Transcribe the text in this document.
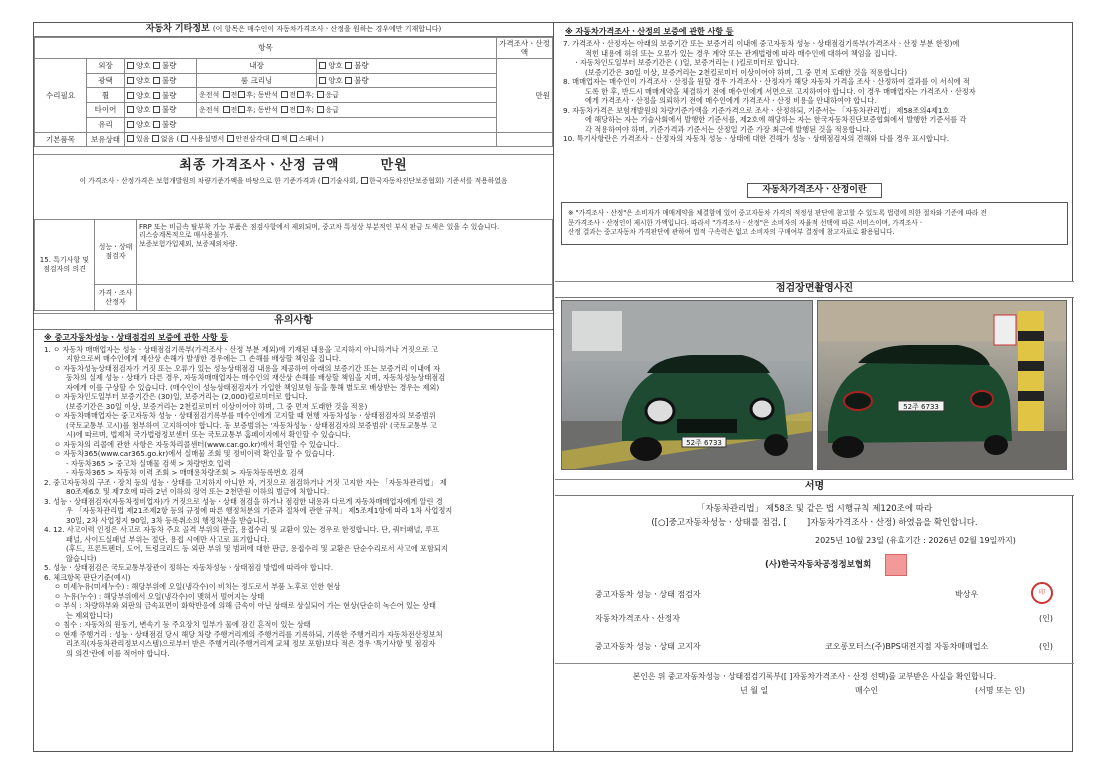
자동차 기타정보 (이 항목은 매수인이 자동차가격조사ㆍ산정을 원하는 경우에만 기재합니다)
항목					가격조사ㆍ산정액
수리필요	외장	양호 불량	내장	양호 불량	만원
	광택	양호 불량	룸 크리닝	양호 불량	
	휠	양호 불량	운전석 전 후; 동반석 전 후; 응급		
	타이어	양호 불량	운전석 전 후; 동반석 전 후; 응급		
	유리	양호 불량			
기본품목	보유상태	있음 없음 ( 사용설명서 안전삼각대 잭 스패너 )			
최종 가격조사ㆍ산정 금액	만원
이 가격조사ㆍ산정가격은 보험개발원의 차량기준가액을 바탕으로 한 기준가격과 ( 기술사회, 한국자동차진단보증협회) 기준서를 적용하였음
15. 특기사항 및 점검자의 의견	성능ㆍ상태 점검자	FRP 또는 비금속 탈부착 가능 부품은 점검사항에서 제외되며, 중고차 특성상 부분적인 부식 판금 도색은 있을 수 있습니다.
리스승계목적으로 매사용불가.
보증보험가입제외, 보증제외차량.

	가격ㆍ조사 산정자	
유의사항
※ 중고자동차성능ㆍ상태점검의 보증에 관한 사항 등

1. ㅇ 자동차 매매업자는 성능ㆍ상태점검기록부(가격조사ㆍ산정 부분 제외)에 기재된 내용을 고지하지 아니하거나 거짓으로 고

지함으로써 매수인에게 재산상 손해가 발생한 경우에는 그 손해를 배상할 책임을 집니다.

ㅇ 자동차성능상태점검자가 거짓 또는 오류가 있는 성능상태점검 내용을 제공하여 아래의 보증기간 또는 보증거리 이내에 자

동차의 실제 성능ㆍ상태가 다른 경우, 자동차매매업자는 매수인의 재산상 손해를 배상할 책임을 지며, 자동차성능상태점검

자에게 이를 구상할 수 있습니다. (매수인이 성능상태점검자가 가입한 책임보험 등을 통해 별도로 배상받는 경우는 제외)

ㅇ 자동차인도일부터 보증기간은 (30)일, 보증거리는 (2,000)킬로미터로 합니다.

(보증기간은 30일 이상, 보증거리는 2천킬로미터 이상이어야 하며, 그 중 먼저 도래한 것을 적용)

ㅇ 자동차매매업자는 중고자동차 성능ㆍ상태점검기록부를 매수인에게 고지할 때 현행 자동차성능ㆍ상태점검자의 보증범위

(국토교통부 고시)를 첨부하여 고지하여야 합니다. 동 보증범위는 '자동차성능ㆍ상태점검자의 보증범위' (국토교통부 고

시)에 따르며, 법제처 국가법령정보센터 또는 국토교통부 홈페이지에서 확인할 수 있습니다.

ㅇ 자동차의 리콜에 관한 사항은 자동차리콜센터(www.car.go.kr)에서 확인할 수 있습니다.

ㅇ 자동차365(www.car365.go.kr)에서 실매물 조회 및 정비이력 확인을 할 수 있습니다.

- 자동차365 > 중고차 실매물 검색 > 차량번호 입력

- 자동차365 > 자동차 이력 조회 > 매매용차량조회 > 자동차등록번호 검색

2. 중고자동차의 구조ㆍ장치 등의 성능ㆍ상태를 고지하지 아니한 자, 거짓으로 점검하거나 거짓 고지한 자는 「자동차관리법」 제

80조제6호 및 제7호에 따라 2년 이하의 징역 또는 2천만원 이하의 벌금에 처합니다.

3. 성능ㆍ상태점검자(자동차정비업자)가 거짓으로 성능ㆍ상태 점검을 하거나 점검한 내용과 다르게 자동차매매업자에게 알린 경

우 「자동차관리법 제21조제2항 등의 규정에 따른 행정처분의 기준과 절차에 관한 규칙」 제5조제1항에 따라 1차 사업정지

30일, 2차 사업정지 90일, 3차 등록취소의 행정처분을 받습니다.

4. 12. 사고이력 인정은 사고로 자동차 주요 골격 부위의 판금, 용접수리 및 교환이 있는 경우로 한정합니다. 단, 쿼터패널, 루프

패널, 사이드실패널 부위는 절단, 용접 시에만 사고로 표기합니다.

(후드, 프론트펜더, 도어, 트렁크리드 등 외판 부위 및 범퍼에 대한 판금, 용접수리 및 교환은 단순수리로서 사고에 포함되지

않습니다)

5. 성능ㆍ상태점검은 국토교통부장관이 정하는 자동차성능ㆍ상태점검 방법에 따라야 합니다.

6. 체크항목 판단기준(예시)

ㅇ 미세누유(미세누수) : 해당부위에 오일(냉각수)이 비치는 정도로서 부품 노후로 인한 현상

ㅇ 누유(누수) : 해당부위에서 오일(냉각수)이 맺혀서 떨어지는 상태

ㅇ 부식 : 차량하부와 외판의 금속표면이 화학반응에 의해 금속이 아닌 상태로 상실되어 가는 현상(단순히 녹슨어 있는 상태

는 제외합니다)

ㅇ 침수 : 자동차의 원동기, 변속기 등 주요장치 일부가 물에 잠긴 흔적이 있는 상태

ㅇ 현재 주행거리 : 성능ㆍ상태점검 당시 해당 차량 주행거리계의 주행거리를 기록하되, 기록한 주행거리가 자동차전산정보처

리조직(자동차관리정보시스템)으로부터 받은 주행거리(주행거리계 교체 정보 포함)보다 적은 경우 '특기사항 및 점검자

의 의견'란에 이를 적어야 합니다.

※ 자동차가격조사ㆍ산정의 보증에 관한 사항 등

7. 가격조사ㆍ산정자는 아래의 보증기간 또는 보증거리 이내에 중고자동차 성능ㆍ상태점검기록부(가격조사ㆍ산정 부분 한정)에

적힌 내용에 허위 또는 오류가 있는 경우 계약 또는 관계법령에 따라 매수인에 대하여 책임을 집니다.

ㆍ자동차인도일부터 보증기간은 ( )일, 보증거리는 ( )킬로미터로 합니다.

(보증기간은 30일 이상, 보증거리는 2천킬로미터 이상이어야 하며, 그 중 먼저 도래한 것을 적용합니다)

8. 매매업자는 매수인이 가격조사ㆍ산정을 원할 경우 가격조사ㆍ산정자가 해당 자동차 가격을 조사ㆍ산정하여 결과를 이 서식에 적

도록 한 후, 반드시 매매계약을 체결하기 전에 매수인에게 서면으로 고지하여야 합니다. 이 경우 매매업자는 가격조사ㆍ산정자

에게 가격조사ㆍ산정을 의뢰하기 전에 매수인에게 가격조사ㆍ산정 비용을 안내하여야 합니다.

9. 자동차가격은 보험개발원의 차량기준가액을 기준가격으로 조사ㆍ산정하되, 기준서는 「자동차관리법」 제58조의4제1호

에 해당하는 자는 기술사회에서 발행한 기준서를, 제2호에 해당하는 자는 한국자동차진단보증협회에서 발행한 기준서를 각

각 적용하여야 하며, 기준가격과 기준서는 산정일 기준 가장 최근에 발행된 것을 적용합니다.

10. 특기사항란은 가격조사ㆍ산정자의 자동차 성능ㆍ상태에 대한 견해가 성능ㆍ상태점검자의 견해와 다를 경우 표시합니다.

자동차가격조사ㆍ산정이란
※ "가격조사ㆍ산정"은 소비자가 매매계약을 체결함에 있어 중고자동차 가격의 적정성 판단에 참고할 수 있도록 법령에 의한 절차와 기준에 따라 전
문가격조사ㆍ산정인이 제시한 가액입니다. 따라서 "가격조사ㆍ산정"은 소비자의 자율적 선택에 따른 서비스이며, 가격조사ㆍ
산정 결과는 중고자동차 가격판단에 관하여 법적 구속력은 없고 소비자의 구매여부 결정에 참고자료로 활용됩니다.
점검장면촬영사진
52주 6733
52주 6733
서명
「자동차관리법」 제58조 및 같은 법 시행규칙 제120조에 따라
([○]중고자동차성능ㆍ상태를 점검, [ ]자동차가격조사ㆍ산정) 하였음을 확인합니다.
2025년 10월 23일 (유효기간 : 2026년 02월 19일까지)
(사)한국자동차공정정보협회
중고자동차 성능ㆍ상태 점검자	박상우	印
자동차가격조사ㆍ산정자	(인)
중고자동차 성능ㆍ상태 고지자	코오롱모터스(주)BPS대전지점 자동차매매업소	(인)
본인은 위 중고자동차성능ㆍ상태점검기록부([ ]자동차가격조사ㆍ산정 선택)를 교부받은 사실을 확인합니다.
년 월 일	매수인	(서명 또는 인)
